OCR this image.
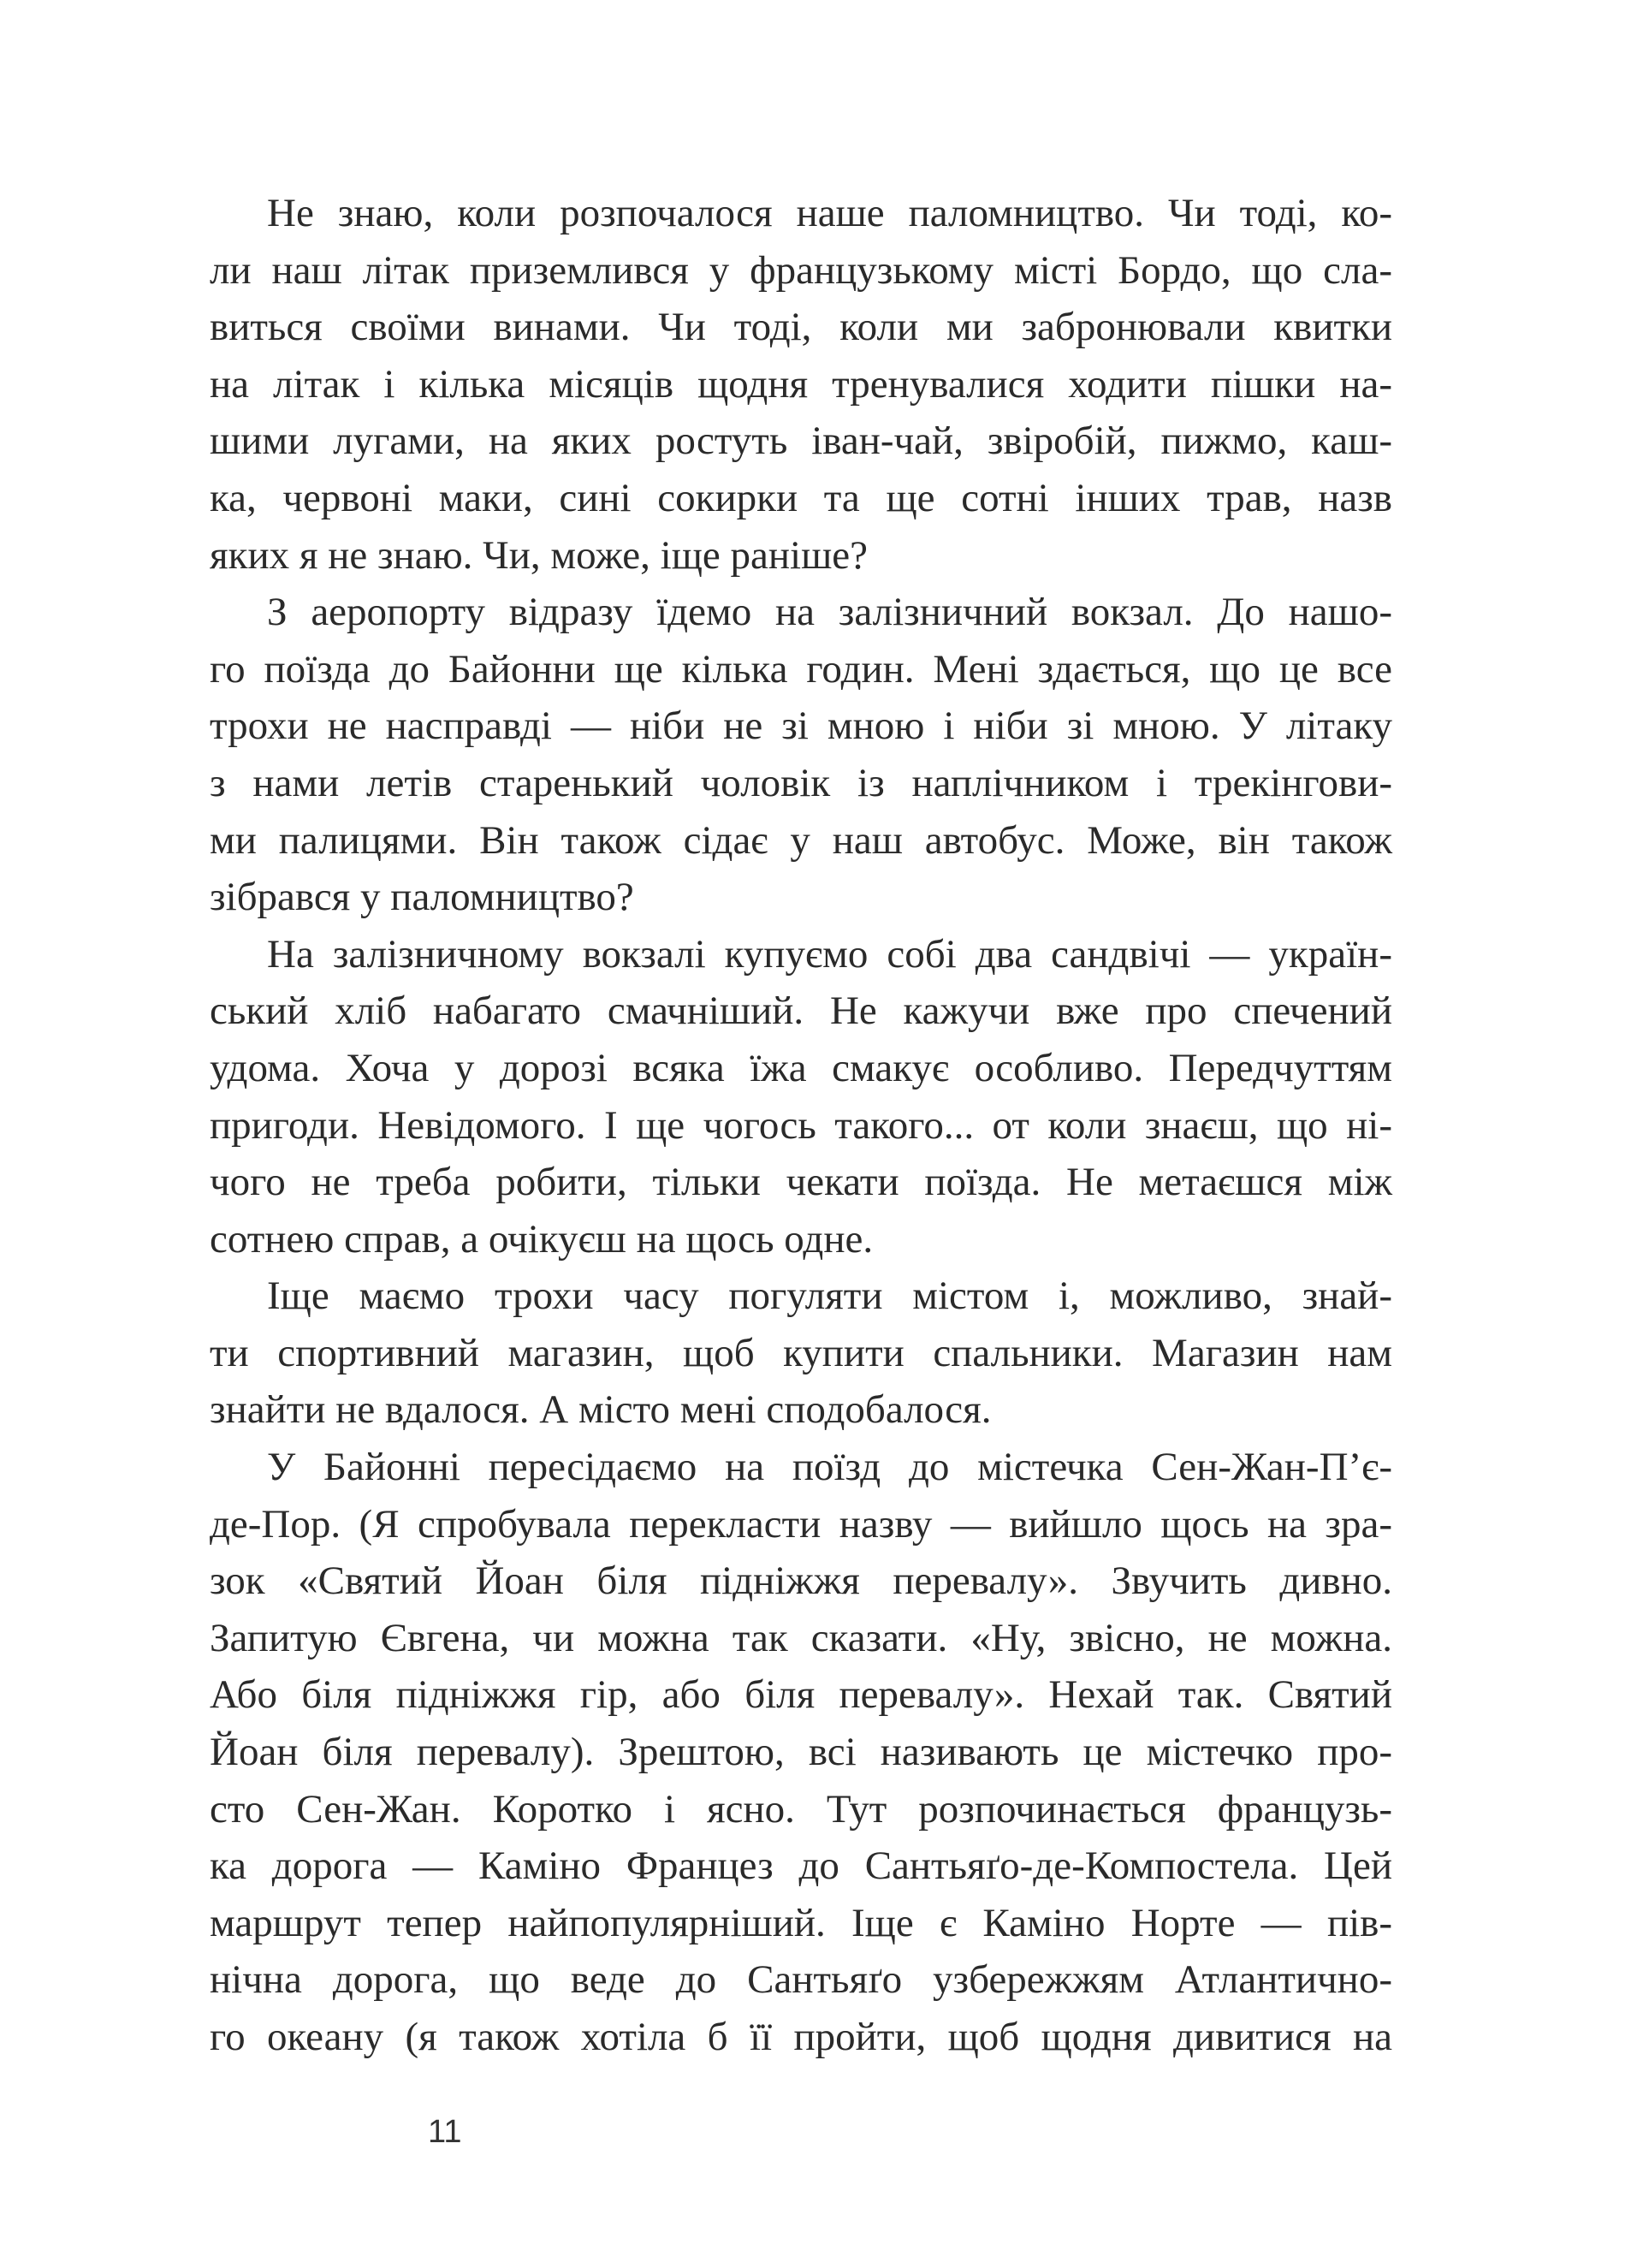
Не знаю, коли розпочалося наше паломництво. Чи тоді, ко-
ли наш літак приземлився у французькому місті Бордо, що сла-
виться своїми винами. Чи тоді, коли ми забронювали квитки
на літак і кілька місяців щодня тренувалися ходити пішки на-
шими лугами, на яких ростуть іван-чай, звіробій, пижмо, каш-
ка, червоні маки, сині сокирки та ще сотні інших трав, назв
яких я не знаю. Чи, може, іще раніше?
З аеропорту відразу їдемо на залізничний вокзал. До нашо-
го поїзда до Байонни ще кілька годин. Мені здається, що це все
трохи не насправді — ніби не зі мною і ніби зі мною. У літаку
з нами летів старенький чоловік із наплічником і трекінгови-
ми палицями. Він також сідає у наш автобус. Може, він також
зібрався у паломництво?
На залізничному вокзалі купуємо собі два сандвічі — україн-
ський хліб набагато смачніший. Не кажучи вже про спечений
удома. Хоча у дорозі всяка їжа смакує особливо. Передчуттям
пригоди. Невідомого. І ще чогось такого... от коли знаєш, що ні-
чого не треба робити, тільки чекати поїзда. Не метаєшся між
сотнею справ, а очікуєш на щось одне.
Іще маємо трохи часу погуляти містом і, можливо, знай-
ти спортивний магазин, щоб купити спальники. Магазин нам
знайти не вдалося. А місто мені сподобалося.
У Байонні пересідаємо на поїзд до містечка Сен-Жан-П’є-
де-Пор. (Я спробувала перекласти назву — вийшло щось на зра-
зок «Святий Йоан біля підніжжя перевалу». Звучить дивно.
Запитую Євгена, чи можна так сказати. «Ну, звісно, не можна.
Або біля підніжжя гір, або біля перевалу». Нехай так. Святий
Йоан біля перевалу). Зрештою, всі називають це містечко про-
сто Сен-Жан. Коротко і ясно. Тут розпочинається французь-
ка дорога — Каміно Францез до Сантьяґо-де-Компостела. Цей
маршрут тепер найпопулярніший. Іще є Каміно Норте — пів-
нічна дорога, що веде до Сантьяґо узбережжям Атлантично-
го океану (я також хотіла б її пройти, щоб щодня дивитися на
11
